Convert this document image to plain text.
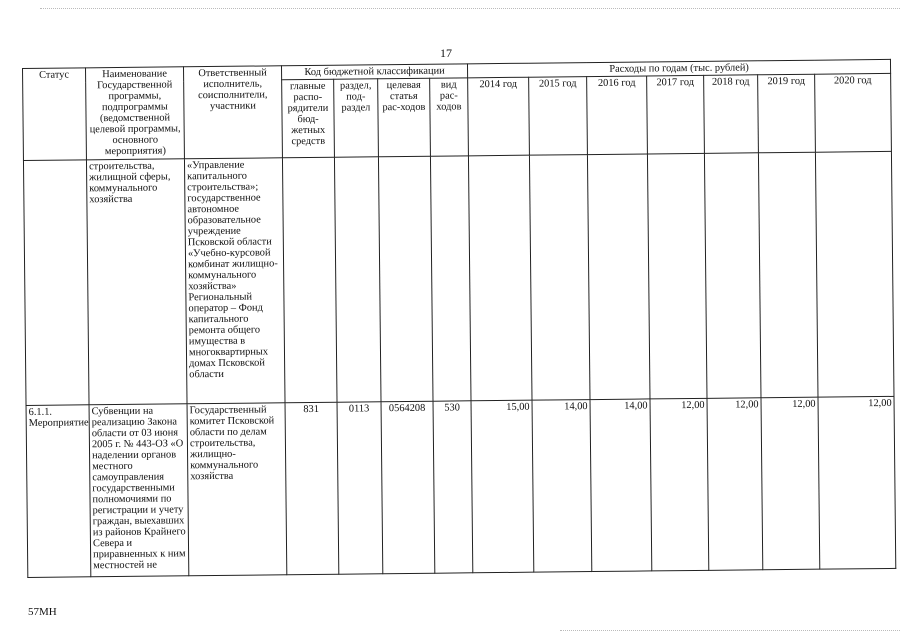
17
Статус	Наименование Государственной программы, подпрограммы (ведомственной целевой программы, основного мероприятия)	Ответственный исполнитель, соисполнители, участники	Код бюджетной классификации				Расходы по годам (тыс. рублей)						
			главные распо-рядители бюд-жетных средств	раздел, под-раздел	целевая статья рас-ходов	вид рас-ходов	2014 год	2015 год	2016 год	2017 год	2018 год	2019 год	2020 год
	строительства, жилищной сферы, коммунального хозяйства	«Управление капитального строительства»; государственное автономное образовательное учреждение Псковской области «Учебно-курсовой комбинат жилищно-коммунального хозяйства» Региональный оператор – Фонд капитального ремонта общего имущества в многоквартирных домах Псковской области											
6.1.1. Мероприятие	Субвенции на реализацию Закона области от 03 июня 2005 г. № 443-ОЗ «О наделении органов местного самоуправления государственными полномочиями по регистрации и учету граждан, выехавших из районов Крайнего Севера и приравненных к ним местностей не	Государственный комитет Псковской области по делам строительства, жилищно-коммунального хозяйства	831	0113	0564208	530	15,00	14,00	14,00	12,00	12,00	12,00	12,00
57МН
